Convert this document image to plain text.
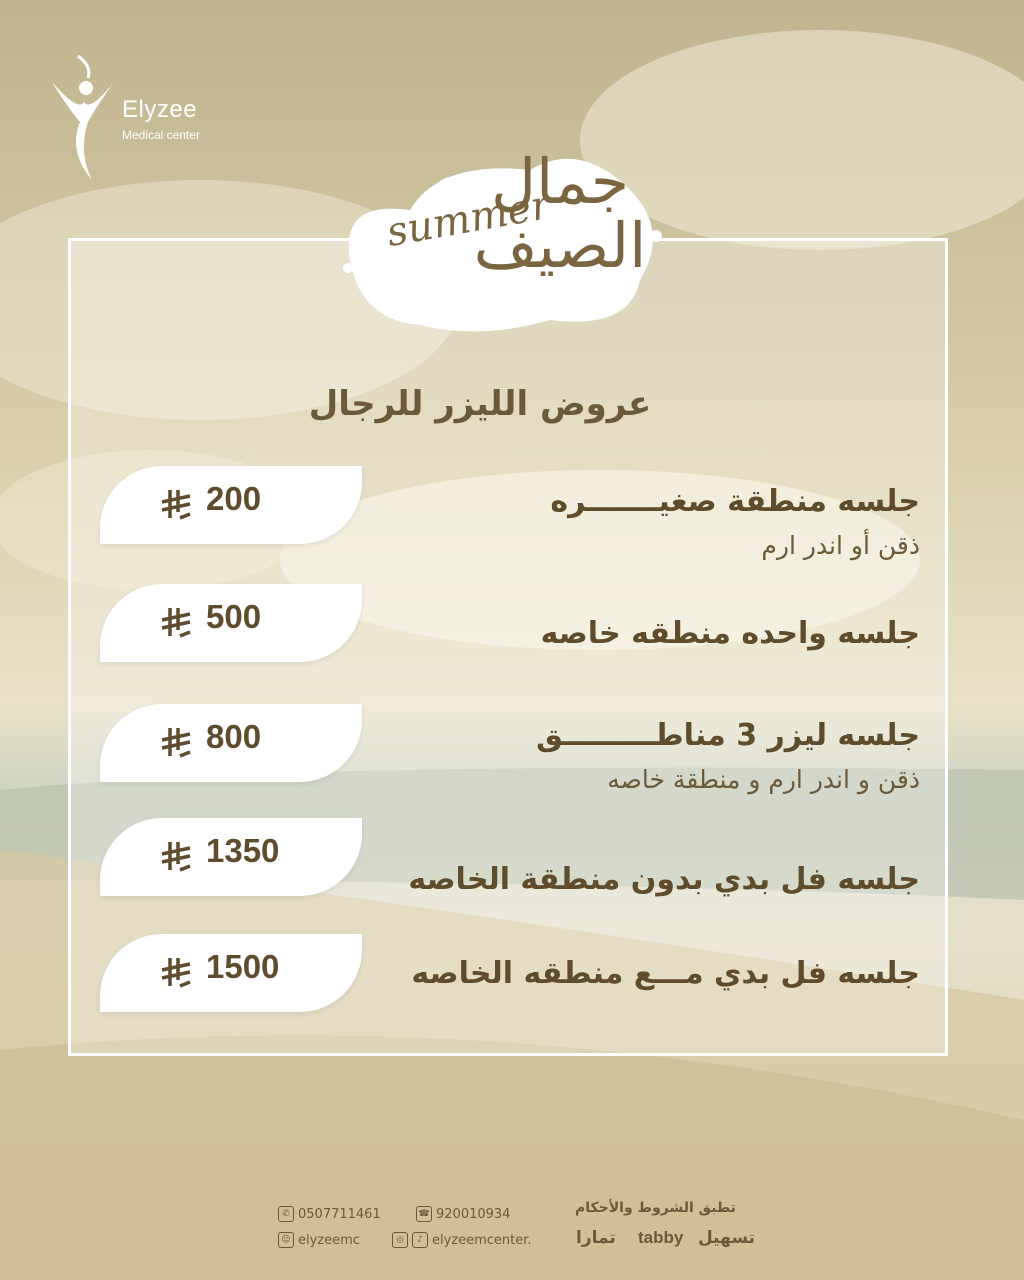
Elyzee
Medical center
summer
جمال
الصيف
عروض الليزر للرجال
جلسه منطقة صغيـــــــره
ذقن أو اندر ارم
200
جلسه واحده منطقه خاصه
500
جلسه ليزر 3 مناطـــــــــق
ذقن و اندر ارم و منطقة خاصه
800
جلسه فل بدي بدون منطقة الخاصه
1350
جلسه فل بدي مـــع منطقه الخاصه
1500
✆ 0507711461	☎ 920010934
☺ elyzeemc	◎	♪ elyzeemcenter.
تطبق الشروط والأحكام
تمارا tabby تسهيل
